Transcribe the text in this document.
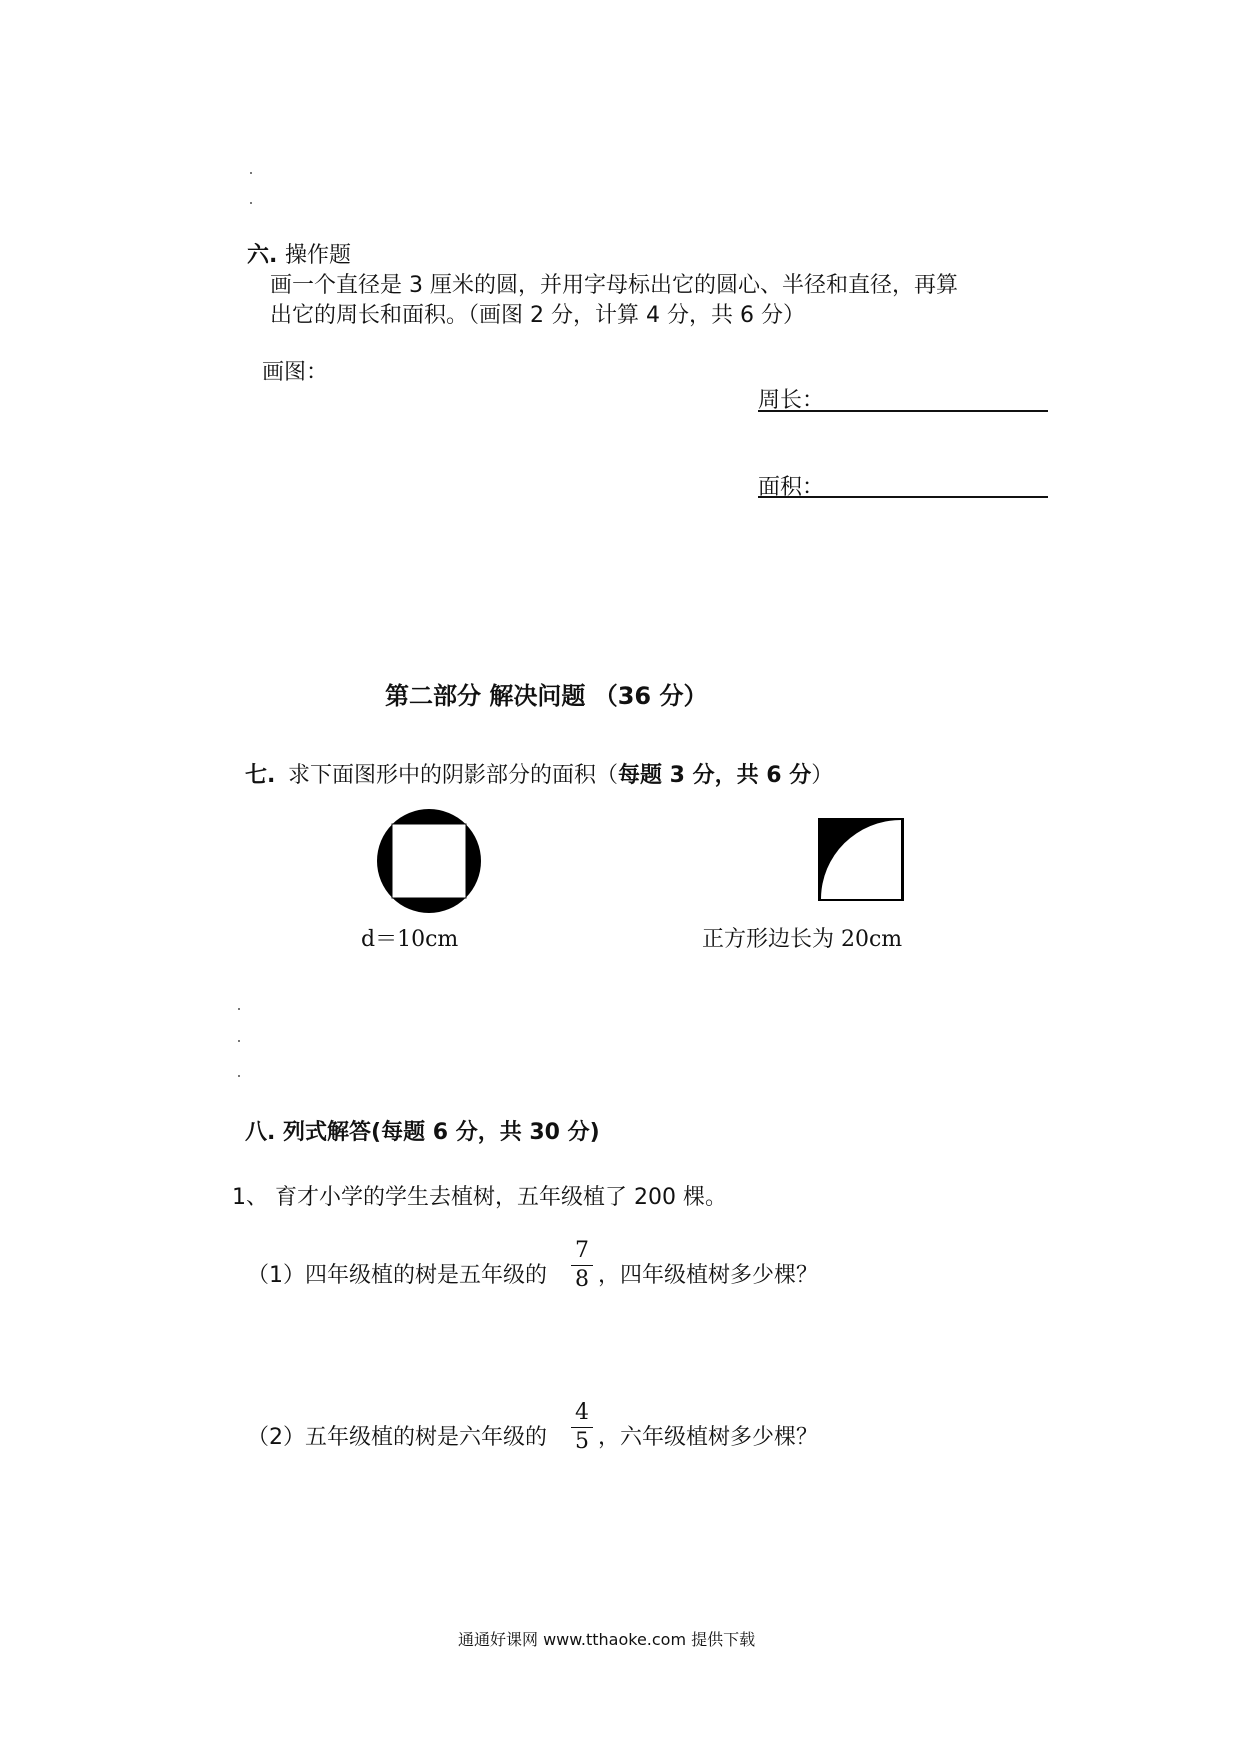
六. 操作题
画一个直径是 3 厘米的圆，并用字母标出它的圆心、半径和直径，再算
出它的周长和面积。（画图 2 分，计算 4 分，共 6 分）
画图：
周长：
面积：
第二部分 解决问题 （36 分）
七. 求下面图形中的阴影部分的面积（每题 3 分，共 6 分）
d＝10cm	正方形边长为 20cm
八. 列式解答(每题 6 分，共 30 分)
1、 育才小学的学生去植树，五年级植了 200 棵。
（1）四年级植的树是五年级的
7
8 ，四年级植树多少棵？
（2）五年级植的树是六年级的
4
5 ，六年级植树多少棵？
通通好课网 www.tthaoke.com 提供下载
